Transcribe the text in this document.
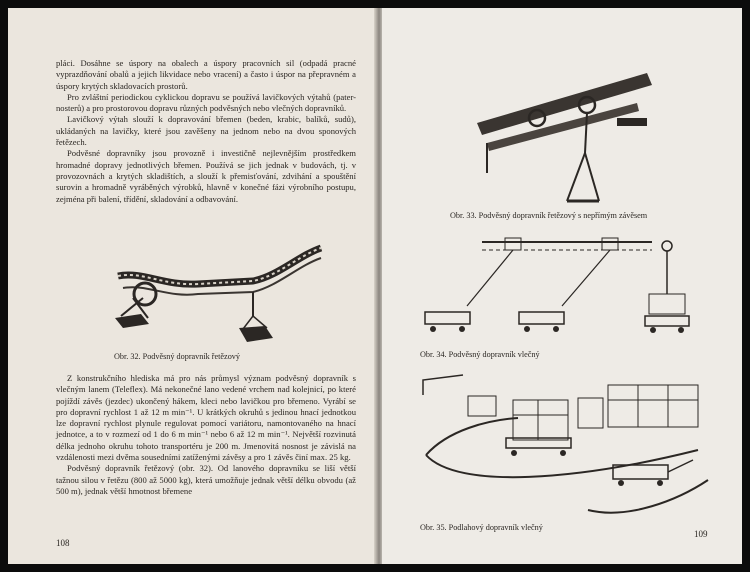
pláci. Dosáhne se úspory na obalech a úspory pracovních sil (odpadá pracné vyprazdňování obalů a jejich likvidace nebo vracení) a často i úspor na přepravném a úspory krytých skladovacích prostorů.

Pro zvláštní periodickou cyklickou dopravu se používá lavičkových výtahů (pater-nosterů) a pro prostorovou dopravu různých podvěsných nebo vlečných dopravníků.

Lavičkový výtah slouží k dopravování břemen (beden, krabic, balíků, sudů), ukládaných na lavičky, které jsou zavěšeny na jednom nebo na dvou sponových řetězech.

Podvěsné dopravníky jsou provozně i investičně nejlevnějším prostředkem hromadné dopravy jednotlivých břemen. Používá se jich jednak v budovách, tj. v provozovnách a krytých skladištích, a slouží k přemisťování, zdvihání a spouštění surovin a hromadně vyráběných výrobků, hlavně v konečné fázi výrobního postupu, zejména při balení, třídění, skladování a odbavování.

Obr. 32. Podvěsný dopravník řetězový

Z konstrukčního hlediska má pro nás průmysl význam podvěsný dopravník s vlečným lanem (Teleflex). Má nekonečné lano vedené vrchem nad kolejnicí, po které pojíždí závěs (jezdec) ukončený hákem, kleci nebo lavičkou pro břemeno. Vyrábí se pro dopravní rychlost 1 až 12 m min⁻¹. U krátkých okruhů s jedinou hnací jednotkou lze dopravní rychlost plynule regulovat pomocí variátoru, namontovaného na hnací jednotce, a to v rozmezí od 1 do 6 m min⁻¹ nebo 6 až 12 m min⁻¹. Největší rozvinutá délka jednoho okruhu tohoto transportéru je 200 m. Jmenovitá nosnost je závislá na vzdálenosti mezi dvěma sousedními zatíženými závěsy a pro 1 závěs činí max. 25 kg.

Podvěsný dopravník řetězový (obr. 32). Od lanového dopravníku se liší větší tažnou silou v řetězu (800 až 5000 kg), která umožňuje jednak větší délku obvodu (až 500 m), jednak větší hmotnost břemene

108
Obr. 33. Podvěsný dopravník řetězový s nepřímým závěsem
Obr. 34. Podvěsný dopravník vlečný
Obr. 35. Podlahový dopravník vlečný
109
